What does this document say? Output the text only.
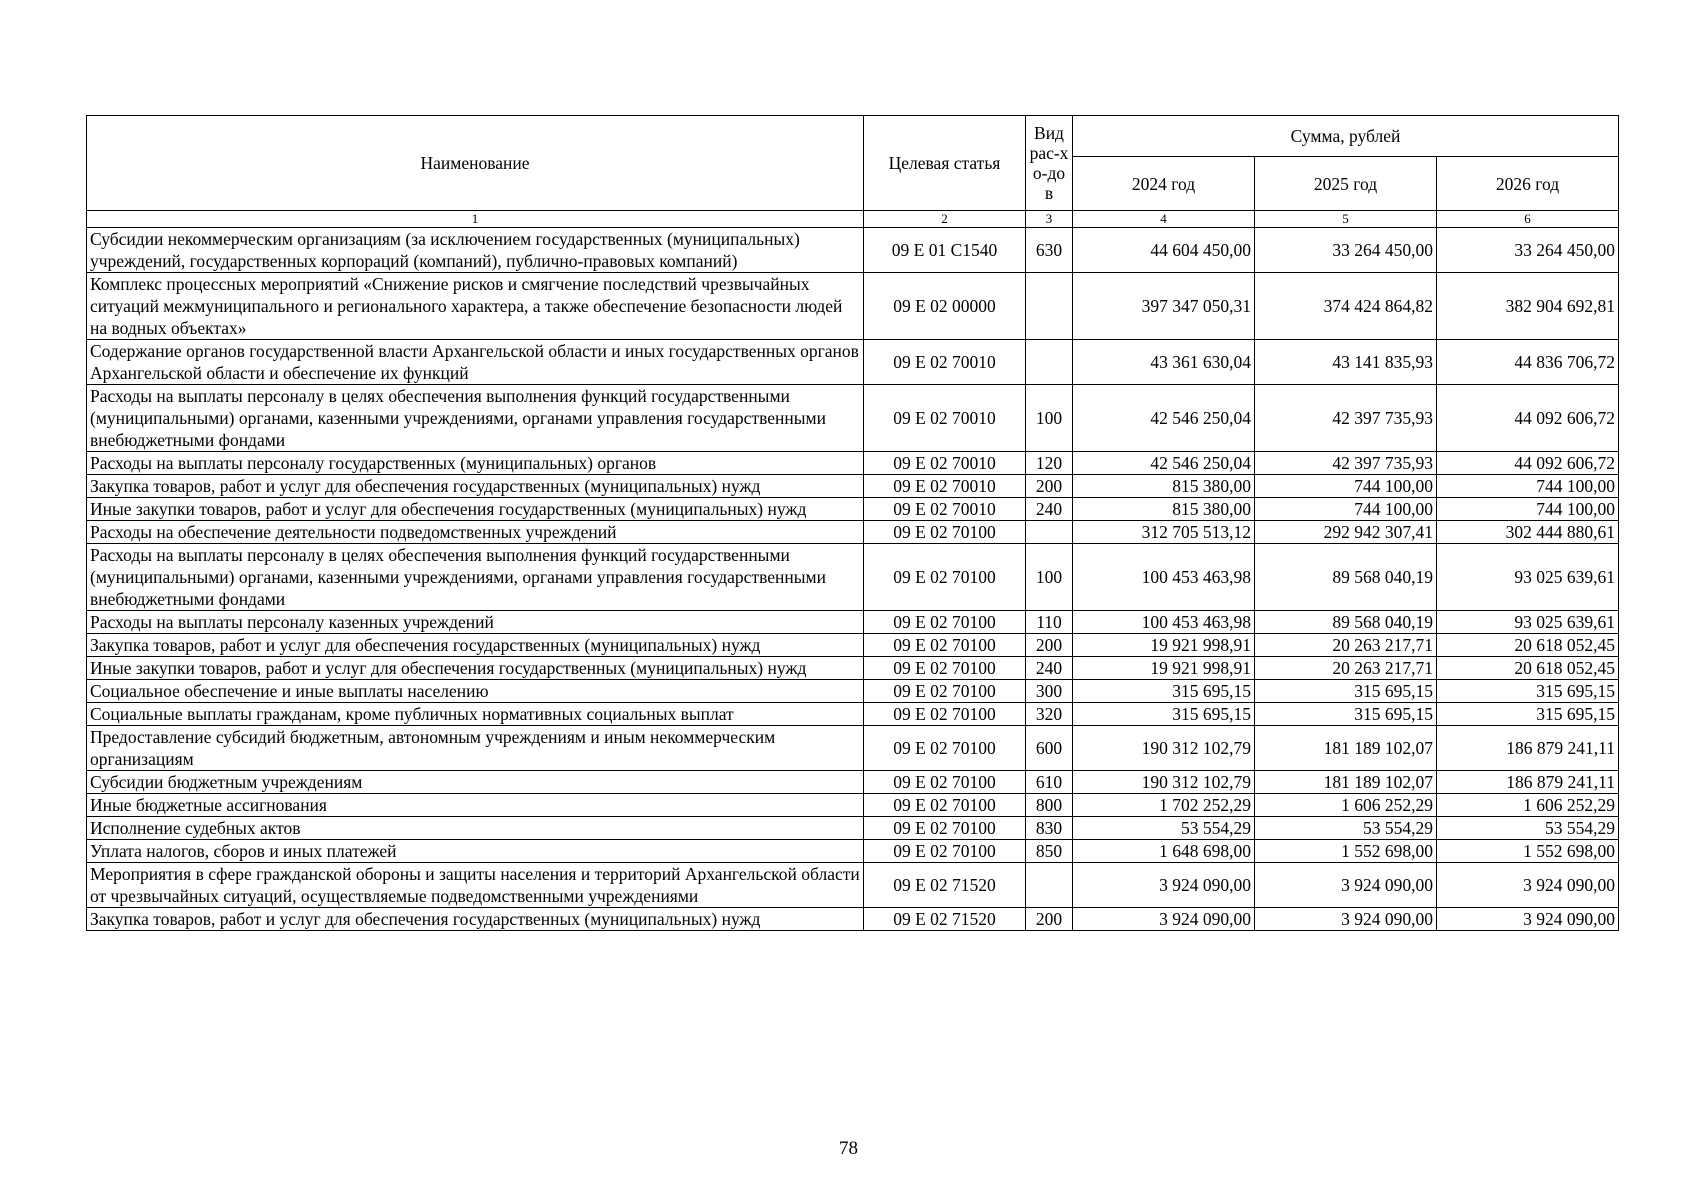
Наименование	Целевая статья	Вид рас-хо-дов	Сумма, рублей		
			2024 год	2025 год	2026 год
1	2	3	4	5	6
Субсидии некоммерческим организациям (за исключением государственных (муниципальных) учреждений, государственных корпораций (компаний), публично-правовых компаний)	09 Е 01 С1540	630	44 604 450,00	33 264 450,00	33 264 450,00
Комплекс процессных мероприятий «Снижение рисков и смягчение последствий чрезвычайных ситуаций межмуниципального и регионального характера, а также обеспечение безопасности людей на водных объектах»	09 Е 02 00000		397 347 050,31	374 424 864,82	382 904 692,81
Содержание органов государственной власти Архангельской области и иных государственных органов Архангельской области и обеспечение их функций	09 Е 02 70010		43 361 630,04	43 141 835,93	44 836 706,72
Расходы на выплаты персоналу в целях обеспечения выполнения функций государственными (муниципальными) органами, казенными учреждениями, органами управления государственными внебюджетными фондами	09 Е 02 70010	100	42 546 250,04	42 397 735,93	44 092 606,72
Расходы на выплаты персоналу государственных (муниципальных) органов	09 Е 02 70010	120	42 546 250,04	42 397 735,93	44 092 606,72
Закупка товаров, работ и услуг для обеспечения государственных (муниципальных) нужд	09 Е 02 70010	200	815 380,00	744 100,00	744 100,00
Иные закупки товаров, работ и услуг для обеспечения государственных (муниципальных) нужд	09 Е 02 70010	240	815 380,00	744 100,00	744 100,00
Расходы на обеспечение деятельности подведомственных учреждений	09 Е 02 70100		312 705 513,12	292 942 307,41	302 444 880,61
Расходы на выплаты персоналу в целях обеспечения выполнения функций государственными (муниципальными) органами, казенными учреждениями, органами управления государственными внебюджетными фондами	09 Е 02 70100	100	100 453 463,98	89 568 040,19	93 025 639,61
Расходы на выплаты персоналу казенных учреждений	09 Е 02 70100	110	100 453 463,98	89 568 040,19	93 025 639,61
Закупка товаров, работ и услуг для обеспечения государственных (муниципальных) нужд	09 Е 02 70100	200	19 921 998,91	20 263 217,71	20 618 052,45
Иные закупки товаров, работ и услуг для обеспечения государственных (муниципальных) нужд	09 Е 02 70100	240	19 921 998,91	20 263 217,71	20 618 052,45
Социальное обеспечение и иные выплаты населению	09 Е 02 70100	300	315 695,15	315 695,15	315 695,15
Социальные выплаты гражданам, кроме публичных нормативных социальных выплат	09 Е 02 70100	320	315 695,15	315 695,15	315 695,15
Предоставление субсидий бюджетным, автономным учреждениям и иным некоммерческим организациям	09 Е 02 70100	600	190 312 102,79	181 189 102,07	186 879 241,11
Субсидии бюджетным учреждениям	09 Е 02 70100	610	190 312 102,79	181 189 102,07	186 879 241,11
Иные бюджетные ассигнования	09 Е 02 70100	800	1 702 252,29	1 606 252,29	1 606 252,29
Исполнение судебных актов	09 Е 02 70100	830	53 554,29	53 554,29	53 554,29
Уплата налогов, сборов и иных платежей	09 Е 02 70100	850	1 648 698,00	1 552 698,00	1 552 698,00
Мероприятия в сфере гражданской обороны и защиты населения и территорий Архангельской области от чрезвычайных ситуаций, осуществляемые подведомственными учреждениями	09 Е 02 71520		3 924 090,00	3 924 090,00	3 924 090,00
Закупка товаров, работ и услуг для обеспечения государственных (муниципальных) нужд	09 Е 02 71520	200	3 924 090,00	3 924 090,00	3 924 090,00
78
